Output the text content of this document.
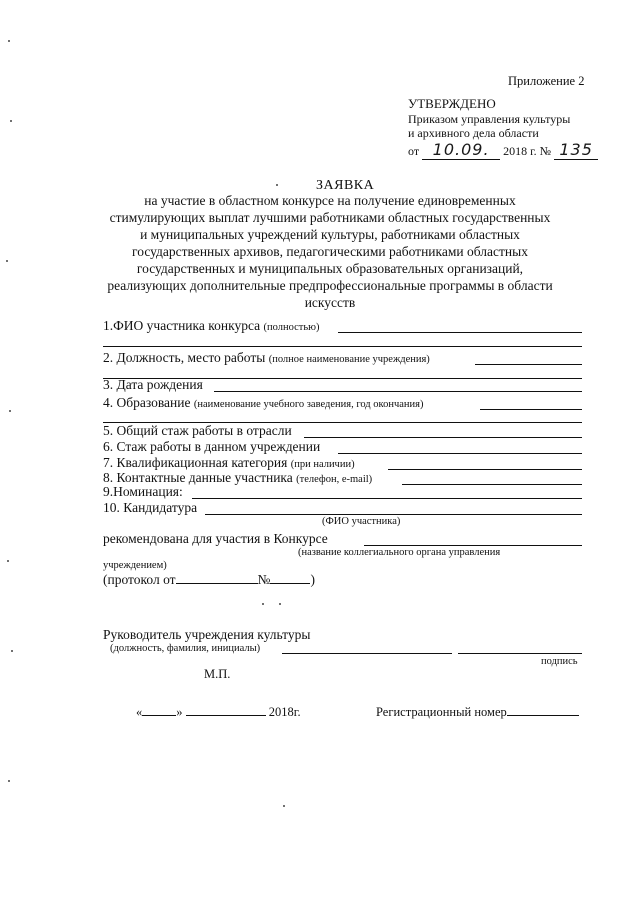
Приложение 2
УТВЕРЖДЕНО
Приказом управления культуры
и архивного дела области
от 10.09. 2018 г. № 135
ЗАЯВКА
на участие в областном конкурсе на получение единовременных
стимулирующих выплат лучшими работниками областных государственных
и муниципальных учреждений культуры, работниками областных
государственных архивов, педагогическими работниками областных
государственных и муниципальных образовательных организаций,
реализующих дополнительные предпрофессиональные программы в области
искусств
1.ФИО участника конкурса (полностью)
2. Должность, место работы (полное наименование учреждения)
3. Дата рождения
4. Образование (наименование учебного заведения, год окончания)
5. Общий стаж работы в отрасли
6. Стаж работы в данном учреждении
7. Квалификационная категория (при наличии)
8. Контактные данные участника (телефон, e-mail)
9.Номинация:
10. Кандидатура
(ФИО участника)
рекомендована для участия в Конкурсе
(название коллегиального органа управления
учреждением)
(протокол от	№	)
Руководитель учреждения культуры
(должность, фамилия, инициалы)
подпись
М.П.
«	»	2018г.	Регистрационный номер
